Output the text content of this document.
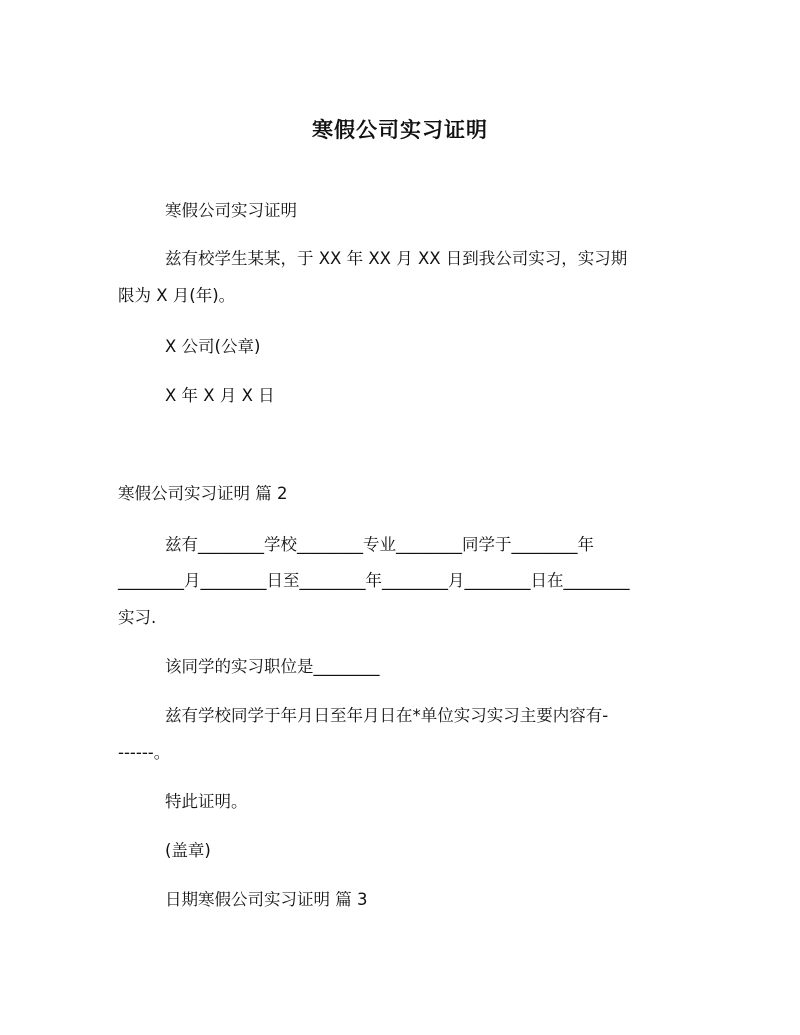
寒假公司实习证明
寒假公司实习证明
兹有校学生某某，于 XX 年 XX 月 XX 日到我公司实习，实习期
限为 X 月(年)。
X 公司(公章)
X 年 X 月 X 日
寒假公司实习证明 篇 2
兹有________学校________专业________同学于________年
________月________日至________年________月________日在________
实习.
该同学的实习职位是________
兹有学校同学于年月日至年月日在*单位实习实习主要内容有-
------。
特此证明。
(盖章)
日期寒假公司实习证明 篇 3
